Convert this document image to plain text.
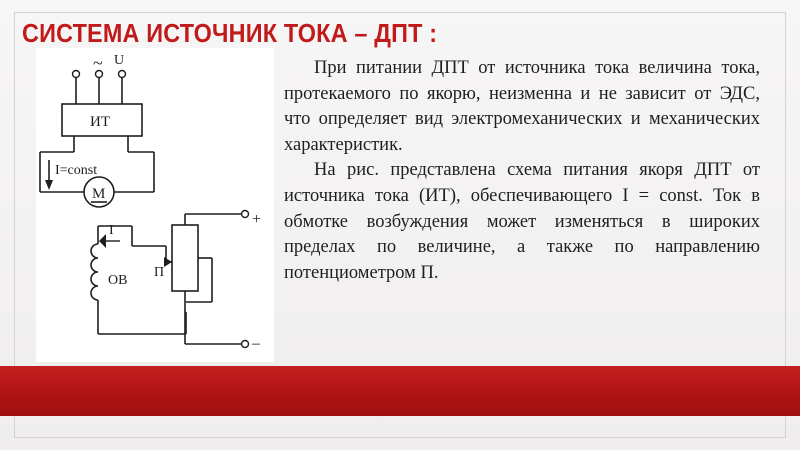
СИСТЕМА ИСТОЧНИК ТОКА – ДПТ :
~ U
ИТ
I=const
М
I
ОВ
П
+
–

При питании ДПТ от источника тока величина тока, протекаемого по якорю, неизменна и не зависит от ЭДС, что определяет вид электромеханических и механических характеристик.

На рис. представлена схема питания якоря ДПТ от источника тока (ИТ), обеспечивающего I = const. Ток в обмотке возбуждения может изменяться в широких пределах по величине, а также по направлению потенциометром П.
